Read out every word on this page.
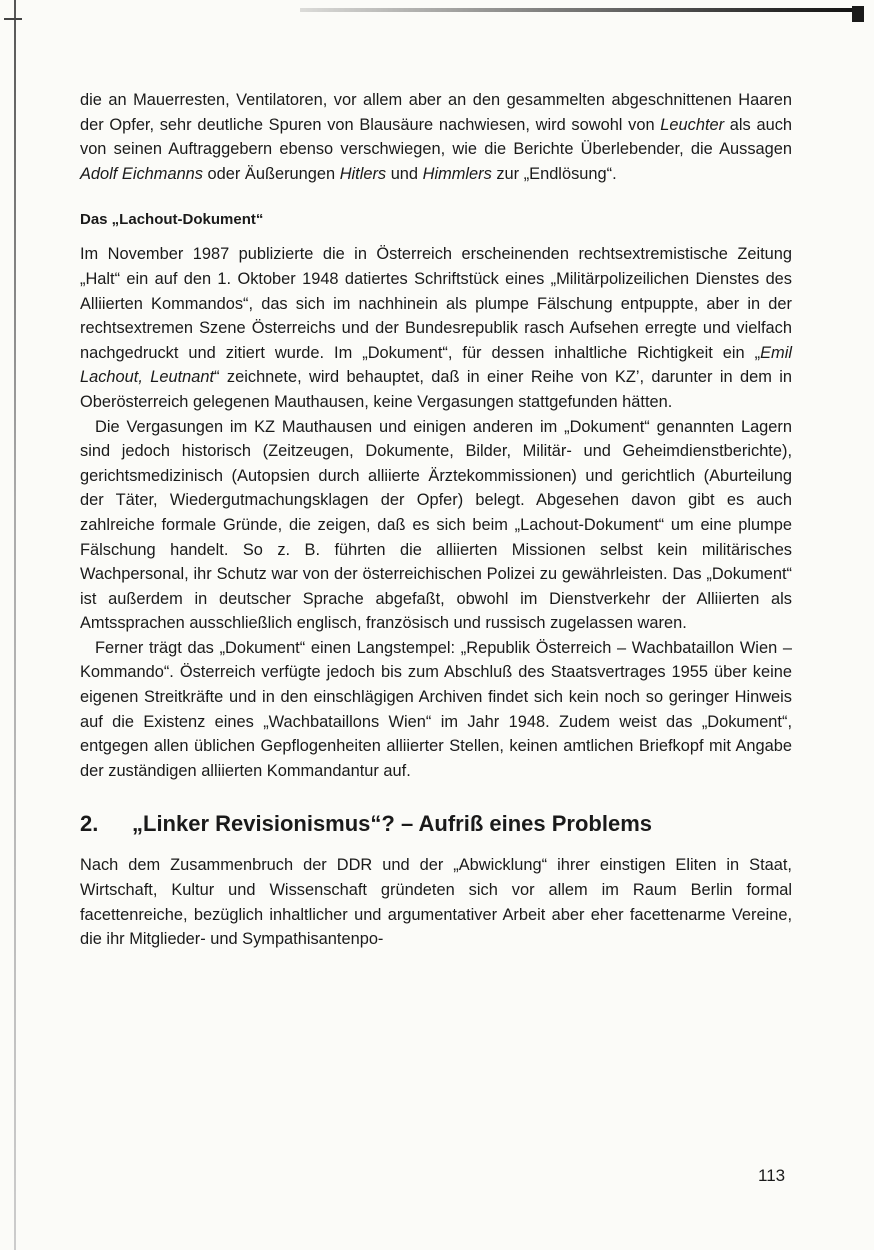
die an Mauerresten, Ventilatoren, vor allem aber an den gesammelten abgeschnittenen Haaren der Opfer, sehr deutliche Spuren von Blausäure nachwiesen, wird sowohl von Leuchter als auch von seinen Auftraggebern ebenso verschwiegen, wie die Berichte Überlebender, die Aussagen Adolf Eichmanns oder Äußerungen Hitlers und Himmlers zur „Endlösung“.

Das „Lachout-Dokument“

Im November 1987 publizierte die in Österreich erscheinenden rechtsextremistische Zeitung „Halt“ ein auf den 1. Oktober 1948 datiertes Schriftstück eines „Militärpolizeilichen Dienstes des Alliierten Kommandos“, das sich im nachhinein als plumpe Fälschung entpuppte, aber in der rechtsextremen Szene Österreichs und der Bundesrepublik rasch Aufsehen erregte und vielfach nachgedruckt und zitiert wurde. Im „Dokument“, für dessen inhaltliche Richtigkeit ein „Emil Lachout, Leutnant“ zeichnete, wird behauptet, daß in einer Reihe von KZ’, darunter in dem in Oberösterreich gelegenen Mauthausen, keine Vergasungen stattgefunden hätten.

Die Vergasungen im KZ Mauthausen und einigen anderen im „Dokument“ genannten Lagern sind jedoch historisch (Zeitzeugen, Dokumente, Bilder, Militär- und Geheimdienstberichte), gerichtsmedizinisch (Autopsien durch alliierte Ärztekommissionen) und gerichtlich (Aburteilung der Täter, Wiedergutmachungsklagen der Opfer) belegt. Abgesehen davon gibt es auch zahlreiche formale Gründe, die zeigen, daß es sich beim „Lachout-Dokument“ um eine plumpe Fälschung handelt. So z. B. führten die alliierten Missionen selbst kein militärisches Wachpersonal, ihr Schutz war von der österreichischen Polizei zu gewährleisten. Das „Dokument“ ist außerdem in deutscher Sprache abgefaßt, obwohl im Dienstverkehr der Alliierten als Amtssprachen ausschließlich englisch, französisch und russisch zugelassen waren.

Ferner trägt das „Dokument“ einen Langstempel: „Republik Österreich – Wachbataillon Wien – Kommando“. Österreich verfügte jedoch bis zum Abschluß des Staatsvertrages 1955 über keine eigenen Streitkräfte und in den einschlägigen Archiven findet sich kein noch so geringer Hinweis auf die Existenz eines „Wachbataillons Wien“ im Jahr 1948. Zudem weist das „Dokument“, entgegen allen üblichen Gepflogenheiten alliierter Stellen, keinen amtlichen Briefkopf mit Angabe der zuständigen alliierten Kommandantur auf.

2.	„Linker Revisionismus“? – Aufriß eines Problems

Nach dem Zusammenbruch der DDR und der „Abwicklung“ ihrer einstigen Eliten in Staat, Wirtschaft, Kultur und Wissenschaft gründeten sich vor allem im Raum Berlin formal facettenreiche, bezüglich inhaltlicher und argumentativer Arbeit aber eher facettenarme Vereine, die ihr Mitglieder- und Sympathisantenpo-

113
